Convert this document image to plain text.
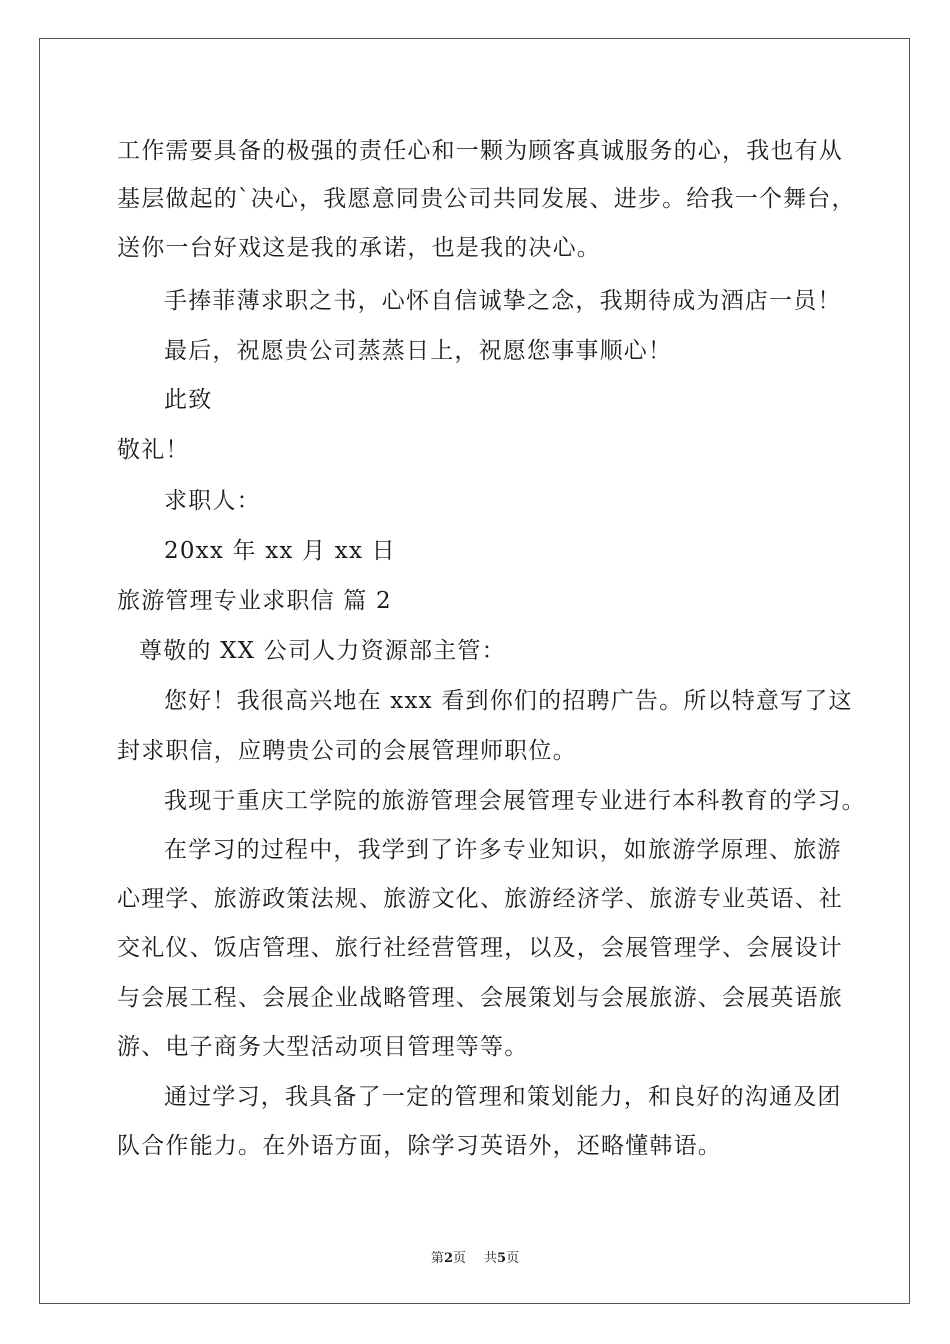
工作需要具备的极强的责任心和一颗为顾客真诚服务的心，我也有从
基层做起的`决心，我愿意同贵公司共同发展、进步。给我一个舞台，
送你一台好戏这是我的承诺，也是我的决心。
手捧菲薄求职之书，心怀自信诚挚之念，我期待成为酒店一员！
最后，祝愿贵公司蒸蒸日上，祝愿您事事顺心！
此致
敬礼！
求职人：
20xx 年 xx 月 xx 日
旅游管理专业求职信 篇 2
尊敬的 XX 公司人力资源部主管：
您好！我很高兴地在 xxx 看到你们的招聘广告。所以特意写了这
封求职信，应聘贵公司的会展管理师职位。
我现于重庆工学院的旅游管理会展管理专业进行本科教育的学习。
在学习的过程中，我学到了许多专业知识，如旅游学原理、旅游
心理学、旅游政策法规、旅游文化、旅游经济学、旅游专业英语、社
交礼仪、饭店管理、旅行社经营管理，以及，会展管理学、会展设计
与会展工程、会展企业战略管理、会展策划与会展旅游、会展英语旅
游、电子商务大型活动项目管理等等。
通过学习，我具备了一定的管理和策划能力，和良好的沟通及团
队合作能力。在外语方面，除学习英语外，还略懂韩语。
第2页 共5页
